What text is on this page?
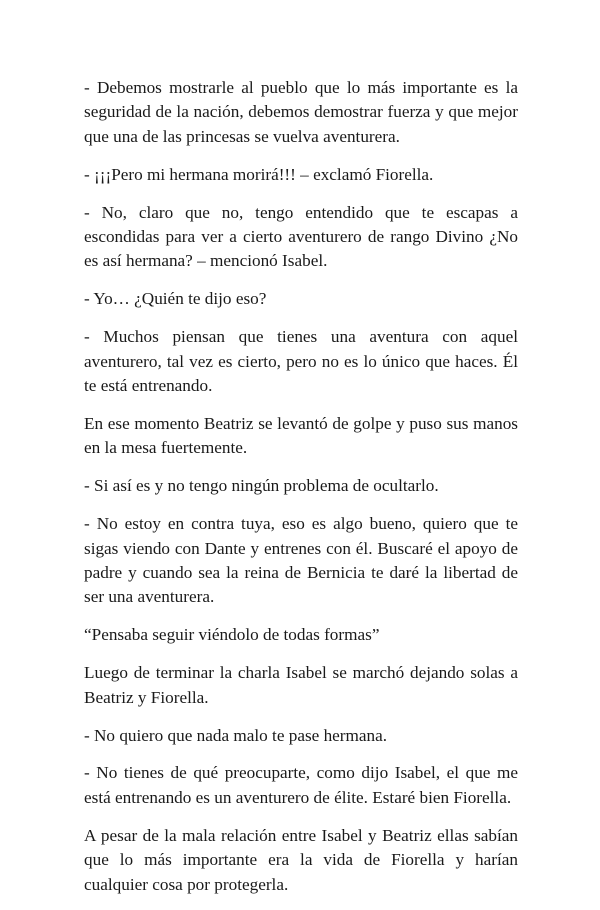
- Debemos mostrarle al pueblo que lo más importante es la seguridad de la nación, debemos demostrar fuerza y que mejor que una de las princesas se vuelva aventurera.

- ¡¡¡Pero mi hermana morirá!!! – exclamó Fiorella.

- No, claro que no, tengo entendido que te escapas a escondidas para ver a cierto aventurero de rango Divino ¿No es así hermana? – mencionó Isabel.

- Yo… ¿Quién te dijo eso?

- Muchos piensan que tienes una aventura con aquel aventurero, tal vez es cierto, pero no es lo único que haces. Él te está entrenando.

En ese momento Beatriz se levantó de golpe y puso sus manos en la mesa fuertemente.

- Si así es y no tengo ningún problema de ocultarlo.

- No estoy en contra tuya, eso es algo bueno, quiero que te sigas viendo con Dante y entrenes con él. Buscaré el apoyo de padre y cuando sea la reina de Bernicia te daré la libertad de ser una aventurera.

“Pensaba seguir viéndolo de todas formas”

Luego de terminar la charla Isabel se marchó dejando solas a Beatriz y Fiorella.

- No quiero que nada malo te pase hermana.

- No tienes de qué preocuparte, como dijo Isabel, el que me está entrenando es un aventurero de élite. Estaré bien Fiorella.

A pesar de la mala relación entre Isabel y Beatriz ellas sabían que lo más importante era la vida de Fiorella y harían cualquier cosa por protegerla.
